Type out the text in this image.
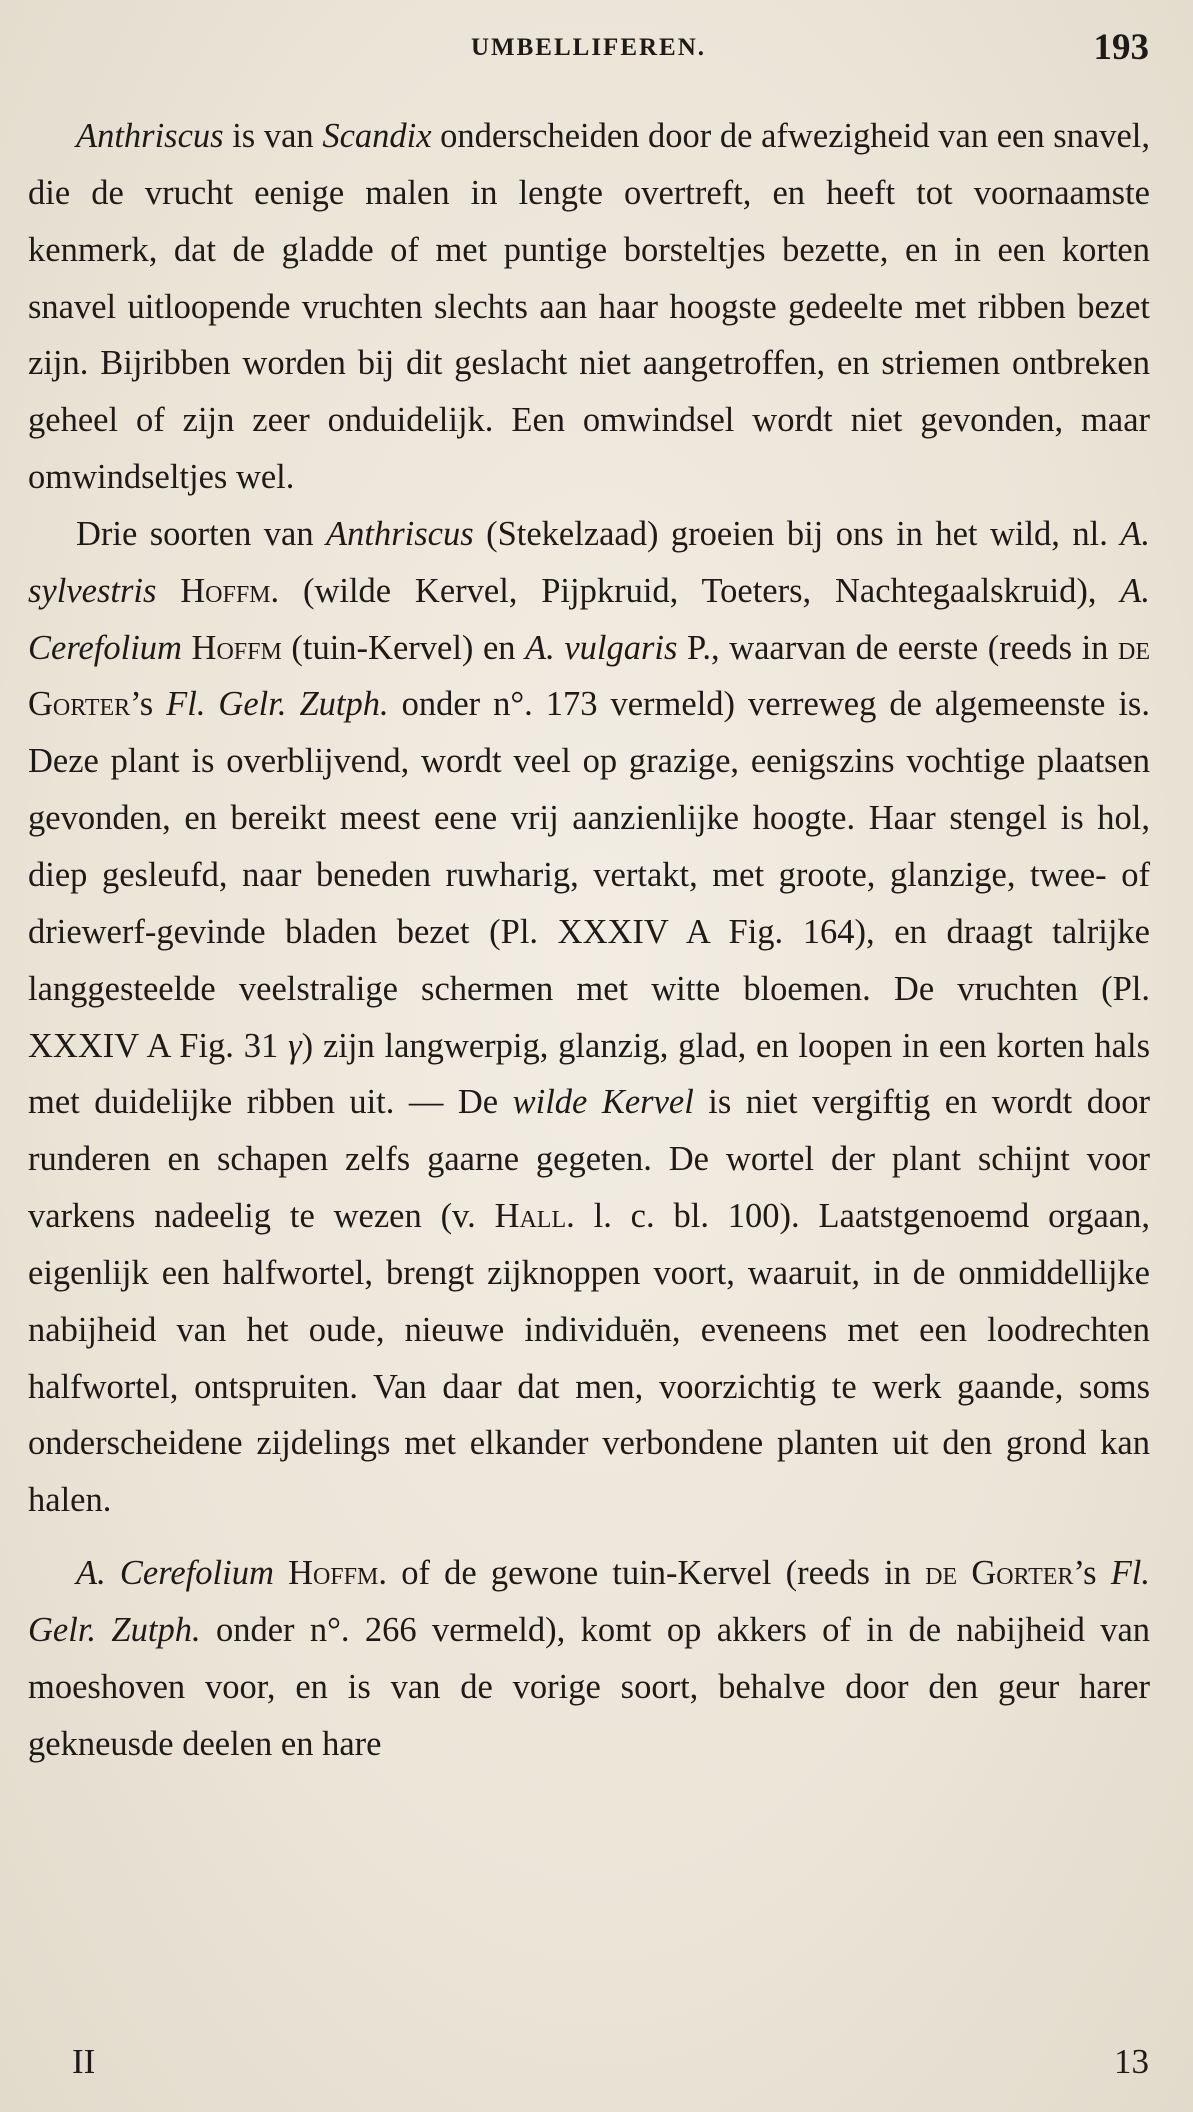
UMBELLIFEREN.	193

Anthriscus is van Scandix onderscheiden door de afwezigheid van een snavel, die de vrucht eenige malen in lengte overtreft, en heeft tot voornaamste kenmerk, dat de gladde of met puntige borsteltjes bezette, en in een korten snavel uitloopende vruchten slechts aan haar hoogste gedeelte met ribben bezet zijn. Bijribben worden bij dit geslacht niet aangetroffen, en striemen ontbreken geheel of zijn zeer onduidelijk. Een omwindsel wordt niet gevonden, maar omwindseltjes wel.

Drie soorten van Anthriscus (Stekelzaad) groeien bij ons in het wild, nl. A. sylvestris Hoffm. (wilde Kervel, Pijpkruid, Toeters, Nachtegaalskruid), A. Cerefolium Hoffm (tuin-Kervel) en A. vulgaris P., waarvan de eerste (reeds in de Gorter’s Fl. Gelr. Zutph. onder n°. 173 vermeld) verreweg de algemeenste is. Deze plant is overblijvend, wordt veel op grazige, eenigszins vochtige plaatsen gevonden, en bereikt meest eene vrij aanzienlijke hoogte. Haar stengel is hol, diep gesleufd, naar beneden ruwharig, vertakt, met groote, glanzige, twee- of driewerf-gevinde bladen bezet (Pl. XXXIV A Fig. 164), en draagt talrijke langgesteelde veelstralige schermen met witte bloemen. De vruchten (Pl. XXXIV A Fig. 31 γ) zijn langwerpig, glanzig, glad, en loopen in een korten hals met duidelijke ribben uit. — De wilde Kervel is niet vergiftig en wordt door runderen en schapen zelfs gaarne gegeten. De wortel der plant schijnt voor varkens nadeelig te wezen (v. Hall. l. c. bl. 100). Laatstgenoemd orgaan, eigenlijk een halfwortel, brengt zijknoppen voort, waaruit, in de onmiddellijke nabijheid van het oude, nieuwe individuën, eveneens met een loodrechten halfwortel, ontspruiten. Van daar dat men, voorzichtig te werk gaande, soms onderscheidene zijdelings met elkander verbondene planten uit den grond kan halen.

A. Cerefolium Hoffm. of de gewone tuin-Kervel (reeds in de Gorter’s Fl. Gelr. Zutph. onder n°. 266 vermeld), komt op akkers of in de nabijheid van moeshoven voor, en is van de vorige soort, behalve door den geur harer gekneusde deelen en hare

II	13
